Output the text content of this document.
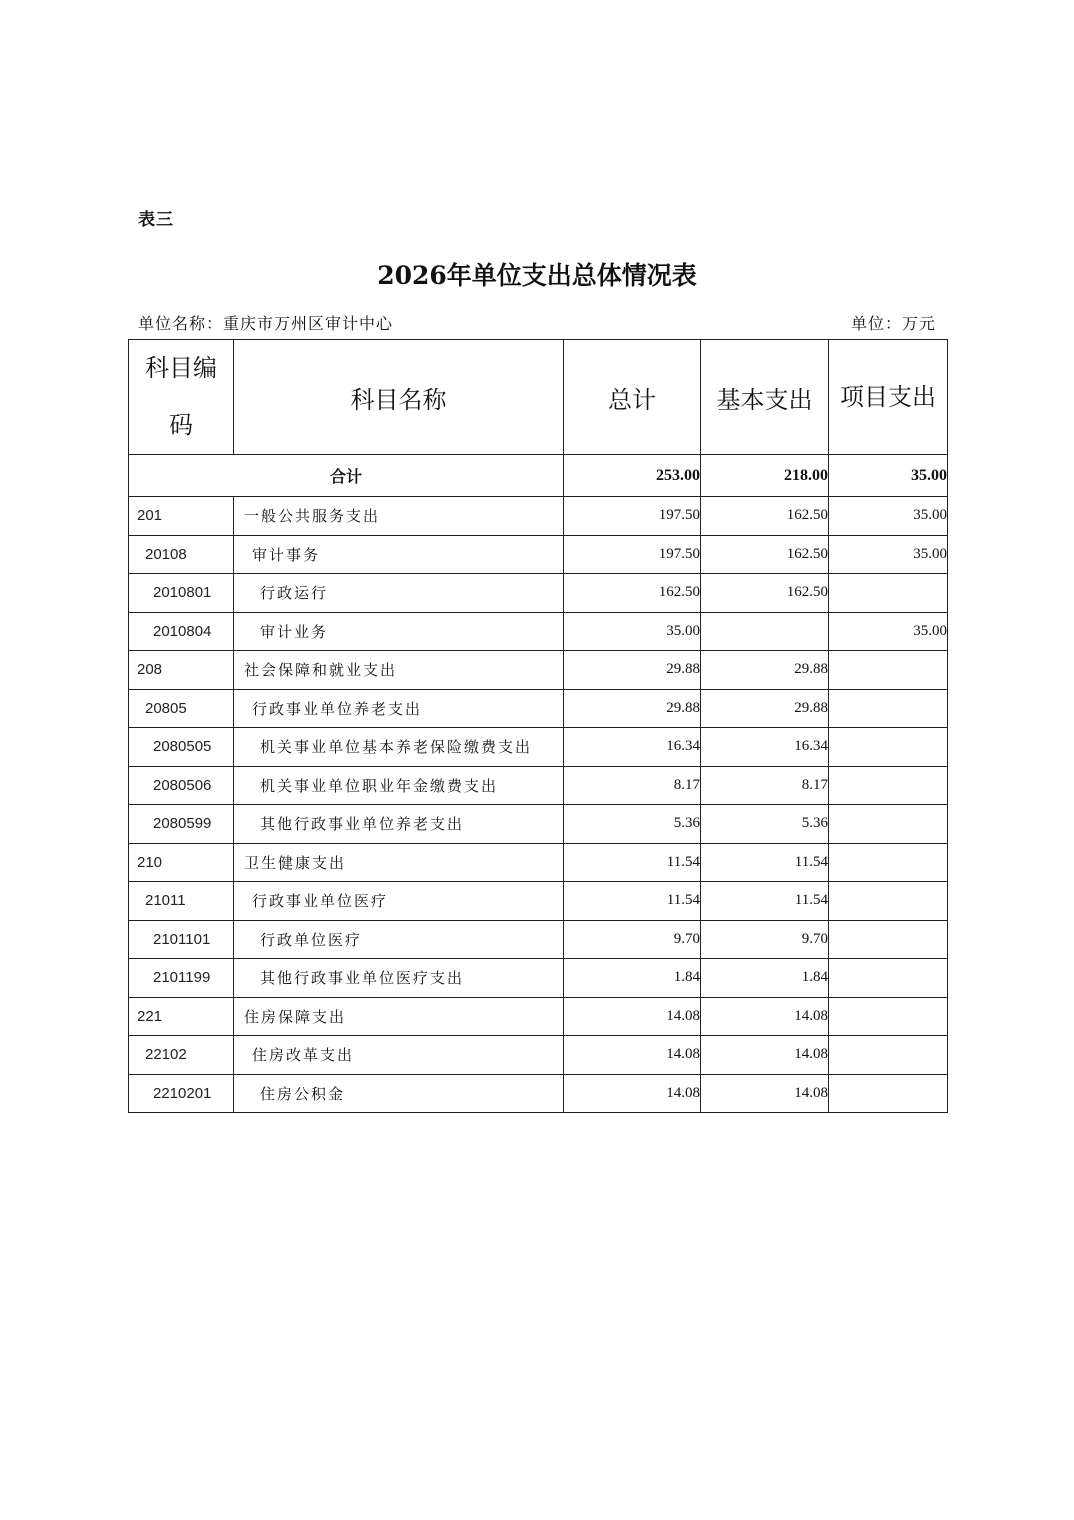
表三
2026年单位支出总体情况表
单位名称：重庆市万州区审计中心	单位：万元
科目编码	科目名称	总计	基本支出	项目支出
合计		253.00	218.00	35.00
201	一般公共服务支出	197.50	162.50	35.00
20108	审计事务	197.50	162.50	35.00
2010801	行政运行	162.50	162.50	
2010804	审计业务	35.00		35.00
208	社会保障和就业支出	29.88	29.88	
20805	行政事业单位养老支出	29.88	29.88	
2080505	机关事业单位基本养老保险缴费支出	16.34	16.34	
2080506	机关事业单位职业年金缴费支出	8.17	8.17	
2080599	其他行政事业单位养老支出	5.36	5.36	
210	卫生健康支出	11.54	11.54	
21011	行政事业单位医疗	11.54	11.54	
2101101	行政单位医疗	9.70	9.70	
2101199	其他行政事业单位医疗支出	1.84	1.84	
221	住房保障支出	14.08	14.08	
22102	住房改革支出	14.08	14.08	
2210201	住房公积金	14.08	14.08	
